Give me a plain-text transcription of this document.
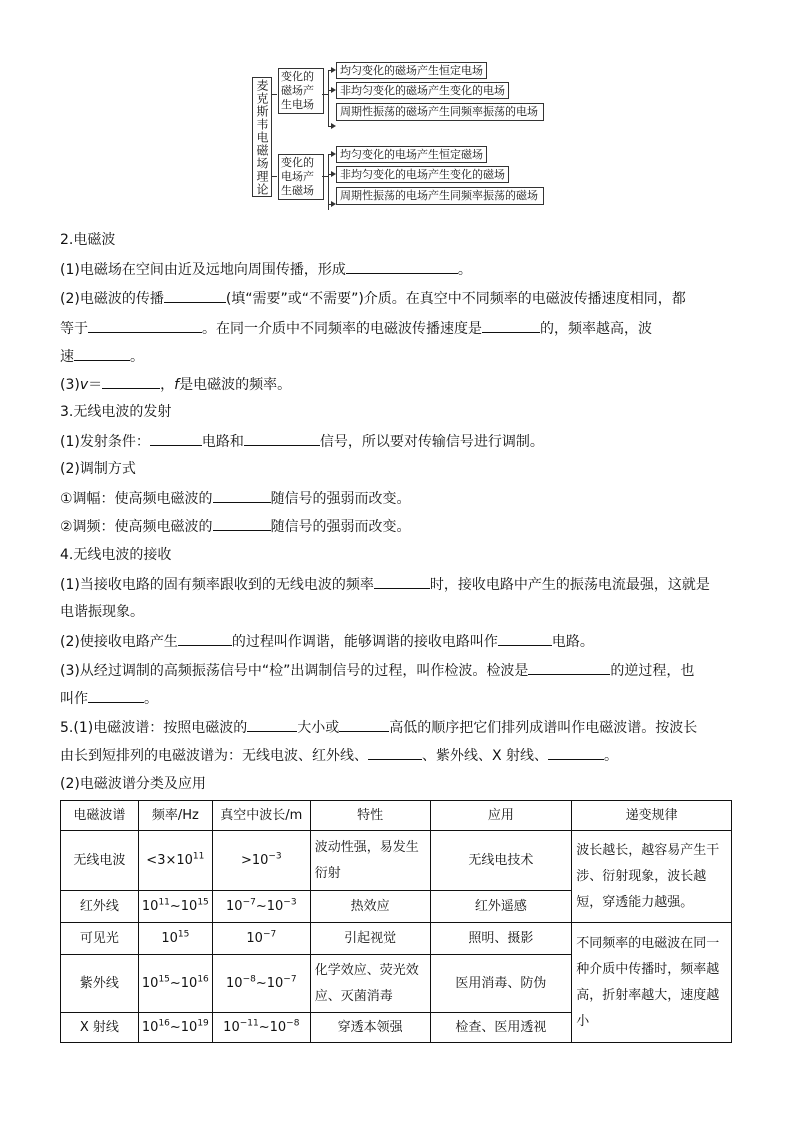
麦克斯韦电磁场理论
变化的磁场产生电场
变化的电场产生磁场
均匀变化的磁场产生恒定电场
非均匀变化的磁场产生变化的电场
周期性振荡的磁场产生同频率振荡的电场
均匀变化的电场产生恒定磁场
非均匀变化的电场产生变化的磁场
周期性振荡的电场产生同频率振荡的磁场
2.电磁波
(1)电磁场在空间由近及远地向周围传播，形成	。
(2)电磁波的传播	(填“需要”或“不需要”)介质。在真空中不同频率的电磁波传播速度相同，都
等于	。在同一介质中不同频率的电磁波传播速度是	的，频率越高，波
速	。
(3)v＝	，f是电磁波的频率。
3.无线电波的发射
(1)发射条件：	电路和	信号，所以要对传输信号进行调制。
(2)调制方式
①调幅：使高频电磁波的	随信号的强弱而改变。
②调频：使高频电磁波的	随信号的强弱而改变。
4.无线电波的接收
(1)当接收电路的固有频率跟收到的无线电波的频率	时，接收电路中产生的振荡电流最强，这就是
电谐振现象。
(2)使接收电路产生	的过程叫作调谐，能够调谐的接收电路叫作	电路。
(3)从经过调制的高频振荡信号中“检”出调制信号的过程，叫作检波。检波是	的逆过程，也
叫作	。
5.(1)电磁波谱：按照电磁波的	大小或	高低的顺序把它们排列成谱叫作电磁波谱。按波长
由长到短排列的电磁波谱为：无线电波、红外线、	、紫外线、X 射线、	。
(2)电磁波谱分类及应用
电磁波谱	频率/Hz	真空中波长/m	特性	应用	递变规律
无线电波	$<3\times 10^{11}$	$>10^{-3}$	波动性强，易发生衍射	无线电技术	波长越长，越容易产生干涉、衍射现象，波长越短，穿透能力越强。
红外线	$10^{11}\sim 10^{15}$	$10^{-7}\sim 10^{-3}$	热效应	红外遥感	
可见光	$10^{15}$	$10^{-7}$	引起视觉	照明、摄影	不同频率的电磁波在同一种介质中传播时，频率越高，折射率越大，速度越小
紫外线	$10^{15}\sim 10^{16}$	$10^{-8}\sim 10^{-7}$	化学效应、荧光效应、灭菌消毒	医用消毒、防伪	
X 射线	$10^{16}\sim 10^{19}$	$10^{-11}\sim 10^{-8}$	穿透本领强	检查、医用透视	
